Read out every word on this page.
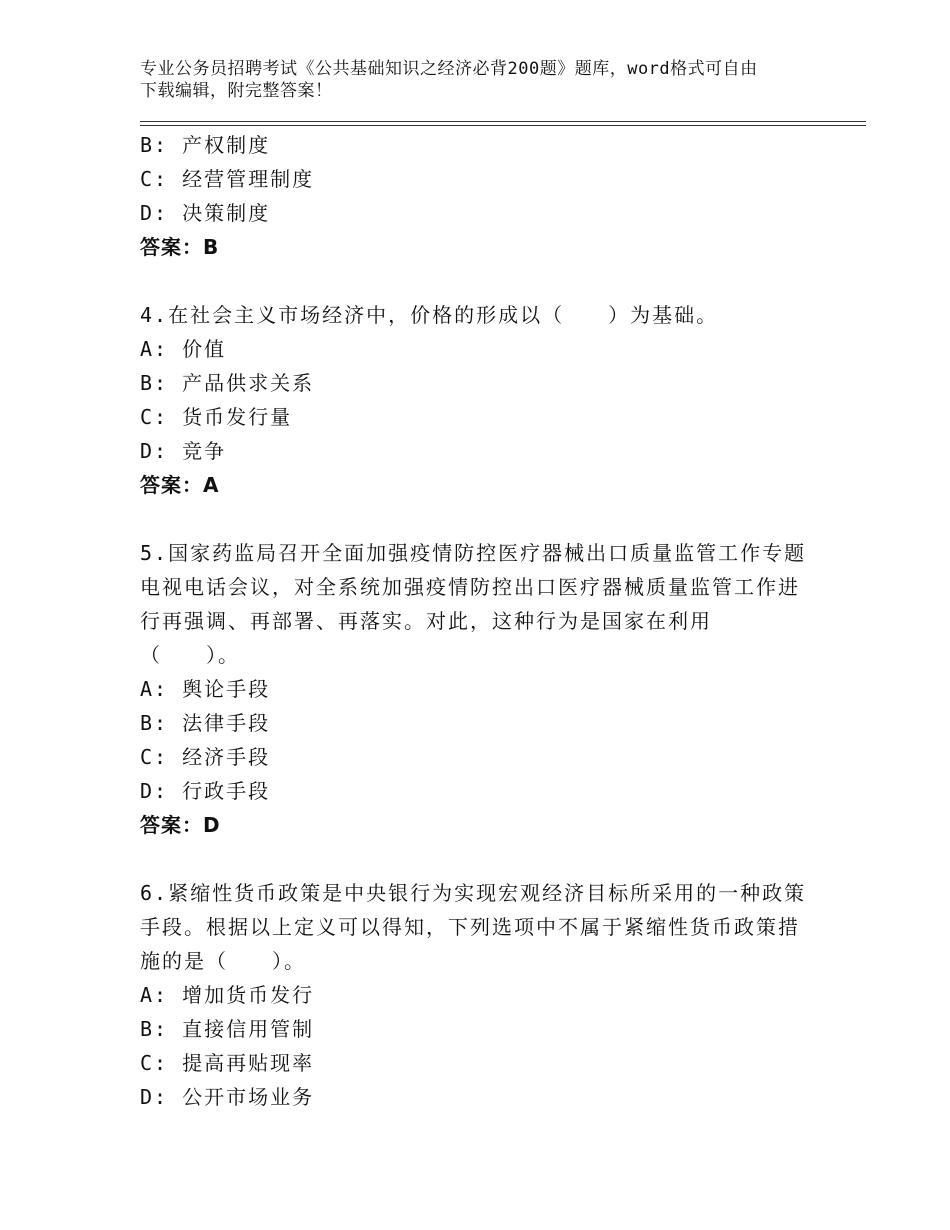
专业公务员招聘考试《公共基础知识之经济必背200题》题库，word格式可自由
下载编辑，附完整答案！
B: 产权制度
C: 经营管理制度
D: 决策制度
答案：B
4.在社会主义市场经济中，价格的形成以（　　）为基础。
A: 价值
B: 产品供求关系
C: 货币发行量
D: 竞争
答案：A
5.国家药监局召开全面加强疫情防控医疗器械出口质量监管工作专题
电视电话会议，对全系统加强疫情防控出口医疗器械质量监管工作进
行再强调、再部署、再落实。对此，这种行为是国家在利用
（　　）。
A: 舆论手段
B: 法律手段
C: 经济手段
D: 行政手段
答案：D
6.紧缩性货币政策是中央银行为实现宏观经济目标所采用的一种政策
手段。根据以上定义可以得知，下列选项中不属于紧缩性货币政策措
施的是（　　）。
A: 增加货币发行
B: 直接信用管制
C: 提高再贴现率
D: 公开市场业务
